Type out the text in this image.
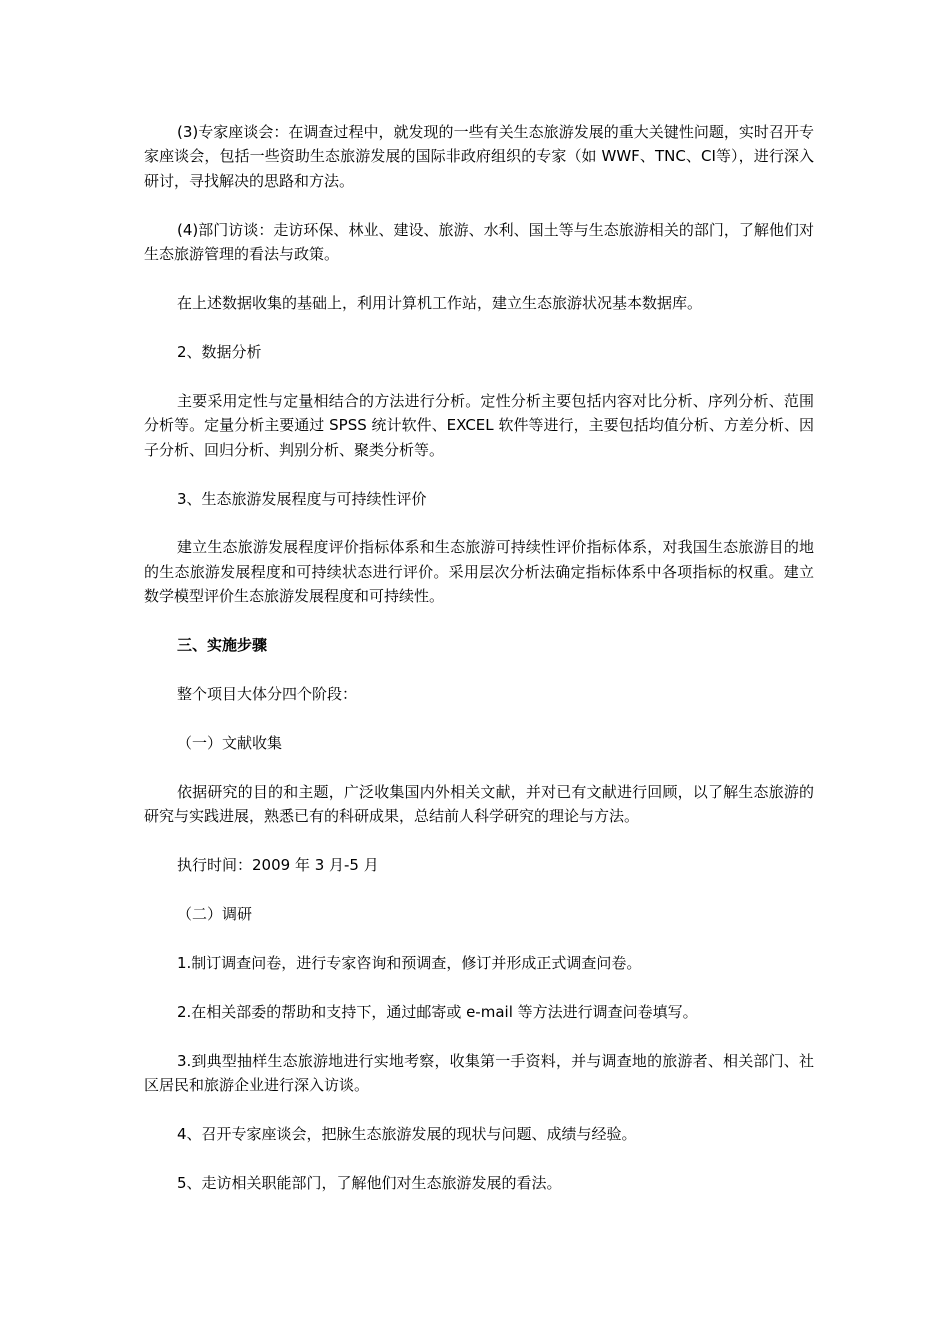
(3)专家座谈会：在调查过程中，就发现的一些有关生态旅游发展的重大关键性问题，实时召开专家座谈会，包括一些资助生态旅游发展的国际非政府组织的专家（如 WWF、TNC、CI等），进行深入研讨，寻找解决的思路和方法。

(4)部门访谈：走访环保、林业、建设、旅游、水利、国土等与生态旅游相关的部门，了解他们对生态旅游管理的看法与政策。

在上述数据收集的基础上，利用计算机工作站，建立生态旅游状况基本数据库。

2、数据分析

主要采用定性与定量相结合的方法进行分析。定性分析主要包括内容对比分析、序列分析、范围分析等。定量分析主要通过 SPSS 统计软件、EXCEL 软件等进行，主要包括均值分析、方差分析、因子分析、回归分析、判别分析、聚类分析等。

3、生态旅游发展程度与可持续性评价

建立生态旅游发展程度评价指标体系和生态旅游可持续性评价指标体系，对我国生态旅游目的地的生态旅游发展程度和可持续状态进行评价。采用层次分析法确定指标体系中各项指标的权重。建立数学模型评价生态旅游发展程度和可持续性。

三、实施步骤

整个项目大体分四个阶段：

（一）文献收集

依据研究的目的和主题，广泛收集国内外相关文献，并对已有文献进行回顾，以了解生态旅游的研究与实践进展，熟悉已有的科研成果，总结前人科学研究的理论与方法。

执行时间：2009 年 3 月-5 月

（二）调研

1.制订调查问卷，进行专家咨询和预调查，修订并形成正式调查问卷。

2.在相关部委的帮助和支持下，通过邮寄或 e-mail 等方法进行调查问卷填写。

3.到典型抽样生态旅游地进行实地考察，收集第一手资料，并与调查地的旅游者、相关部门、社区居民和旅游企业进行深入访谈。

4、召开专家座谈会，把脉生态旅游发展的现状与问题、成绩与经验。

5、走访相关职能部门，了解他们对生态旅游发展的看法。
